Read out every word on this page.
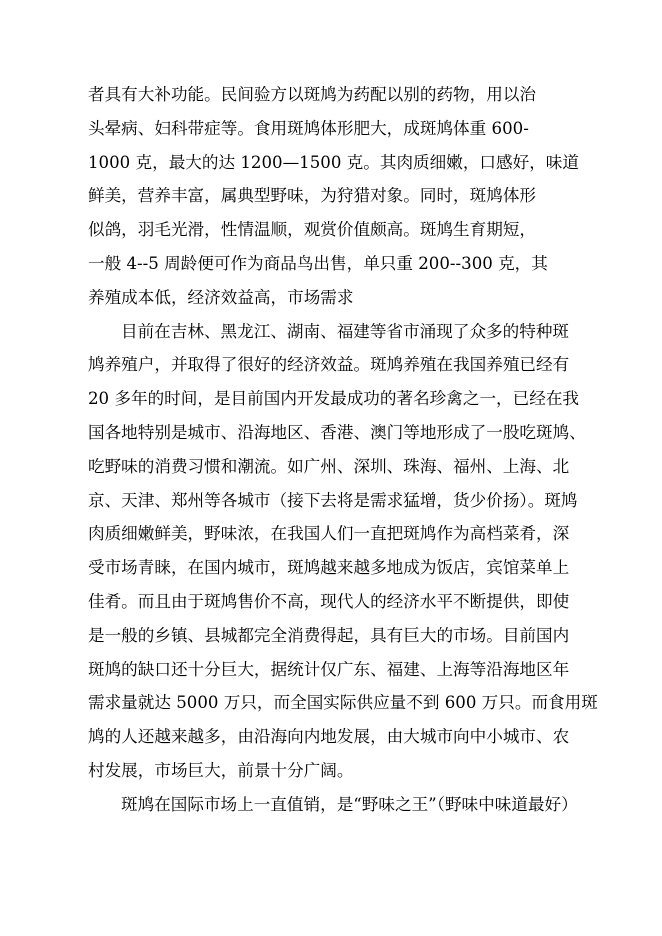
者具有大补功能。民间验方以斑鸠为药配以别的药物，用以治
头晕病、妇科带症等。食用斑鸠体形肥大，成斑鸠体重 600-
1000 克，最大的达 1200—1500 克。其肉质细嫩，口感好，味道
鲜美，营养丰富，属典型野味，为狩猎对象。同时，斑鸠体形
似鸽，羽毛光滑，性情温顺，观赏价值颇高。斑鸠生育期短，
一般 4--5 周龄便可作为商品鸟出售，单只重 200--300 克，其
养殖成本低，经济效益高，市场需求
目前在吉林、黑龙江、湖南、福建等省市涌现了众多的特种斑
鸠养殖户，并取得了很好的经济效益。斑鸠养殖在我国养殖已经有
20 多年的时间，是目前国内开发最成功的著名珍禽之一，已经在我
国各地特别是城市、沿海地区、香港、澳门等地形成了一股吃斑鸠、
吃野味的消费习惯和潮流。如广州、深圳、珠海、福州、上海、北
京、天津、郑州等各城市（接下去将是需求猛增，货少价扬）。斑鸠
肉质细嫩鲜美，野味浓，在我国人们一直把斑鸠作为高档菜肴，深
受市场青睐，在国内城市，斑鸠越来越多地成为饭店，宾馆菜单上
佳肴。而且由于斑鸠售价不高，现代人的经济水平不断提供，即使
是一般的乡镇、县城都完全消费得起，具有巨大的市场。目前国内
斑鸠的缺口还十分巨大，据统计仅广东、福建、上海等沿海地区年
需求量就达 5000 万只，而全国实际供应量不到 600 万只。而食用斑
鸠的人还越来越多，由沿海向内地发展，由大城市向中小城市、农
村发展，市场巨大，前景十分广阔。
斑鸠在国际市场上一直值销，是“野味之王”（野味中味道最好）
